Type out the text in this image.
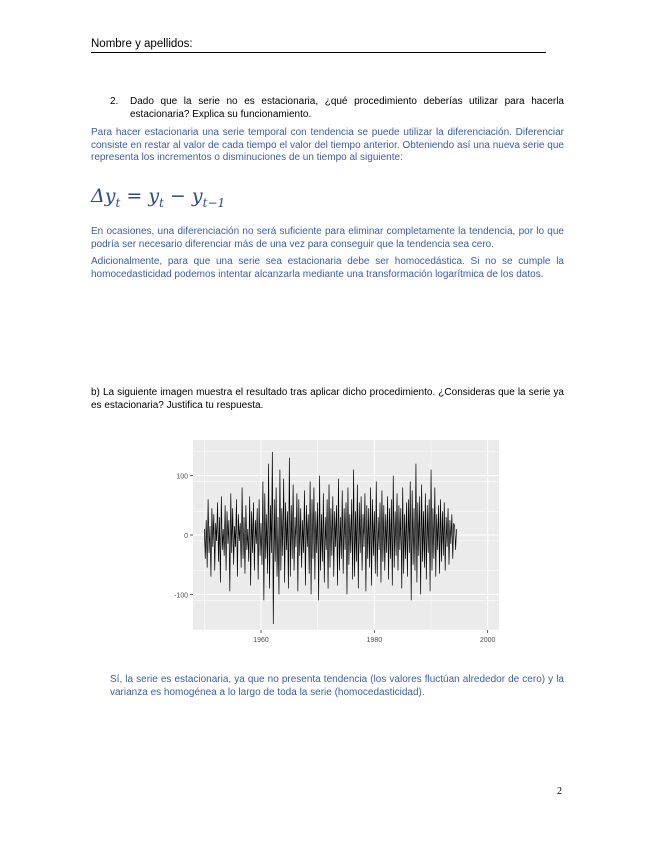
Nombre y apellidos:
2.	Dado que la serie no es estacionaria, ¿qué procedimiento deberías utilizar para hacerla estacionaria? Explica su funcionamiento.
Para hacer estacionaria una serie temporal con tendencia se puede utilizar la diferenciación. Diferenciar consiste en restar al valor de cada tiempo el valor del tiempo anterior. Obteniendo así una nueva serie que representa los incrementos o disminuciones de un tiempo al siguiente:
$\Delta y_t = y_t - y_{t-1}$
En ocasiones, una diferenciación no será suficiente para eliminar completamente la tendencia, por lo que podría ser necesario diferenciar más de una vez para conseguir que la tendencia sea cero.
Adicionalmente, para que una serie sea estacionaria debe ser homocedástica. Si no se cumple la homocedasticidad podemos intentar alcanzarla mediante una transformación logarítmica de los datos.
b) La siguiente imagen muestra el resultado tras aplicar dicho procedimiento. ¿Consideras que la serie ya es estacionaria? Justifica tu respuesta.
100
0
-100
1960	1980	2000
Sí, la serie es estacionaria, ya que no presenta tendencia (los valores fluctúan alrededor de cero) y la varianza es homogénea a lo largo de toda la serie (homocedasticidad).
2
